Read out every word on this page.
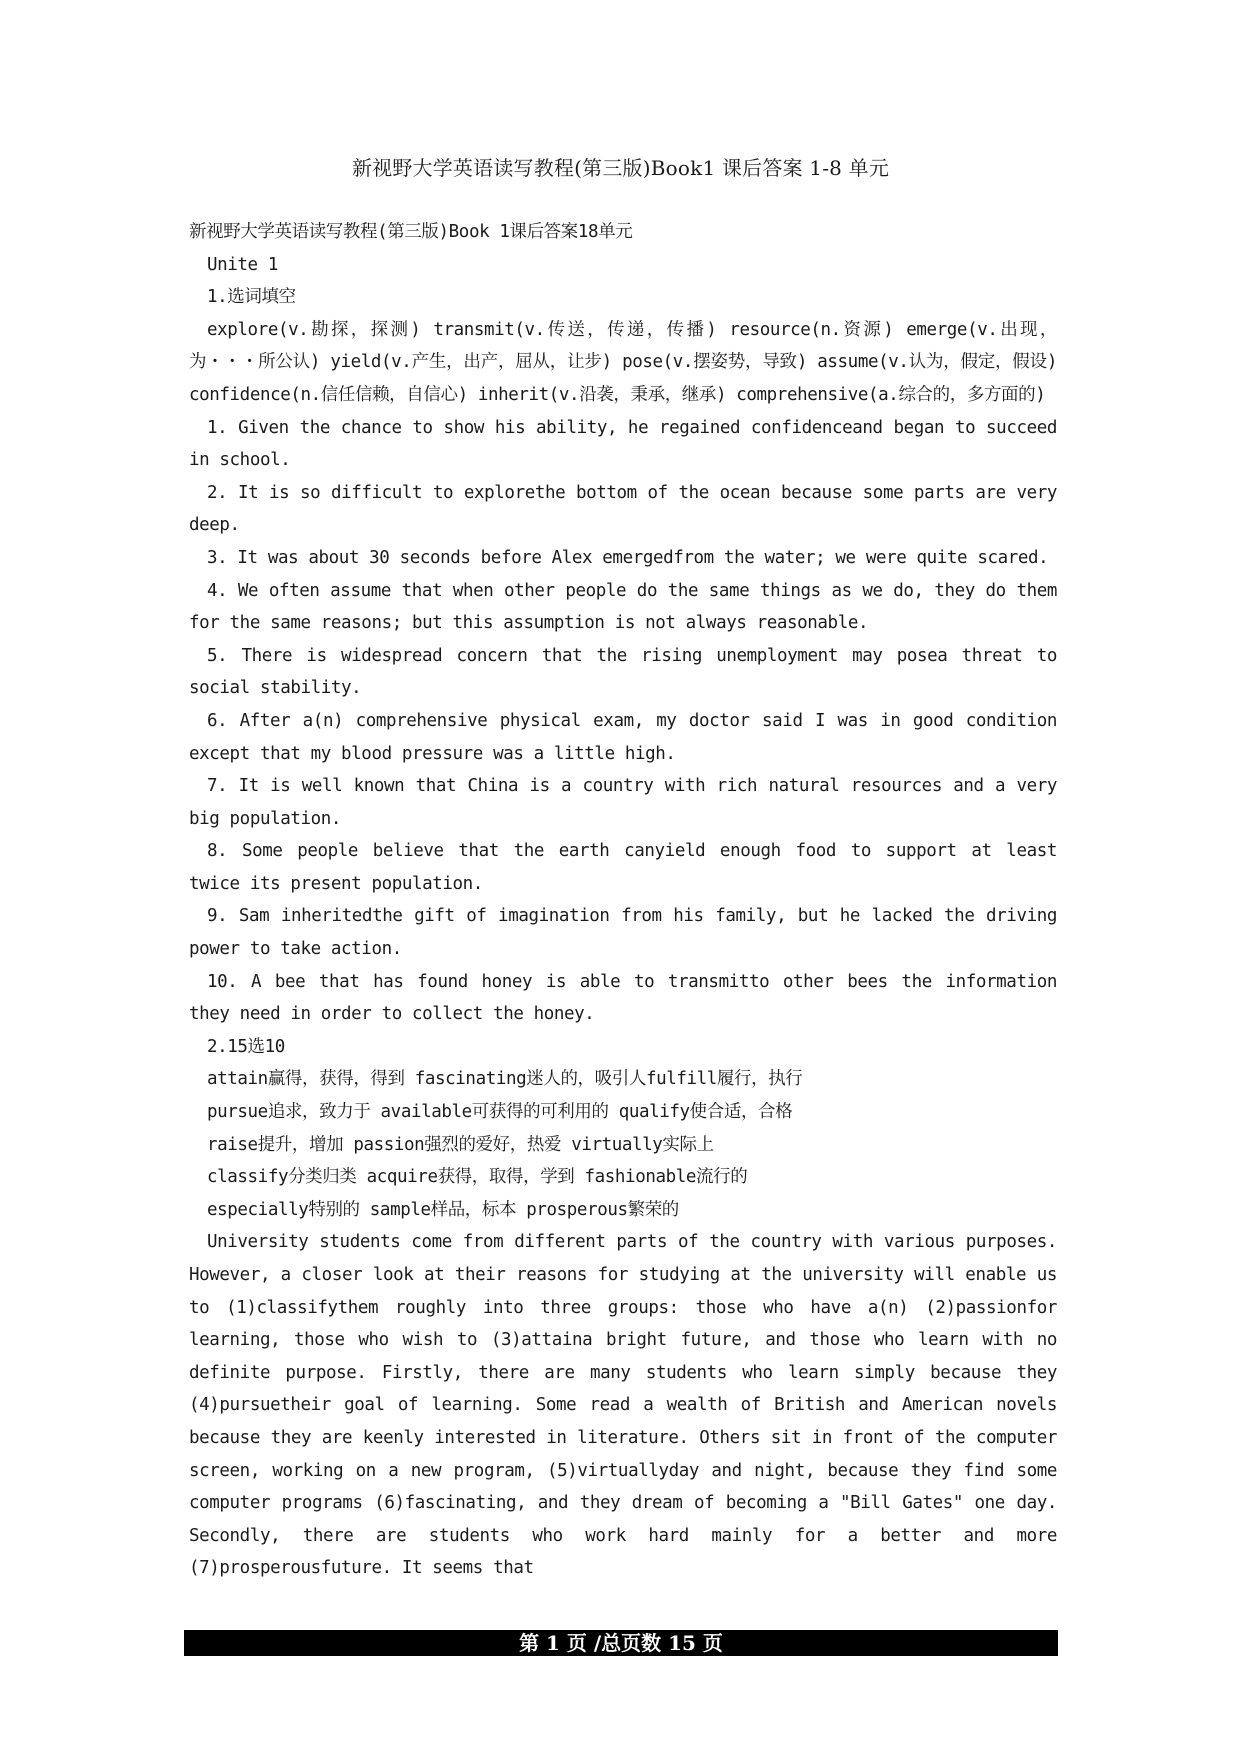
新视野大学英语读写教程(第三版)Book1 课后答案 1-8 单元

新视野大学英语读写教程(第三版)Book 1课后答案18单元

Unite 1

1.选词填空

explore(v.勘探，探测) transmit(v.传送，传递，传播) resource(n.资源) emerge(v.出现，为・・・所公认) yield(v.产生，出产，屈从，让步) pose(v.摆姿势，导致) assume(v.认为，假定，假设) confidence(n.信任信赖，自信心) inherit(v.沿袭，秉承，继承) comprehensive(a.综合的，多方面的)

1. Given the chance to show his ability, he regained confidenceand began to succeed in school.

2. It is so difficult to explorethe bottom of the ocean because some parts are very deep.

3. It was about 30 seconds before Alex emergedfrom the water; we were quite scared.

4. We often assume that when other people do the same things as we do, they do them for the same reasons; but this assumption is not always reasonable.

5. There is widespread concern that the rising unemployment may posea threat to social stability.

6. After a(n) comprehensive physical exam, my doctor said I was in good condition except that my blood pressure was a little high.

7. It is well known that China is a country with rich natural resources and a very big population.

8. Some people believe that the earth canyield enough food to support at least twice its present population.

9. Sam inheritedthe gift of imagination from his family, but he lacked the driving power to take action.

10. A bee that has found honey is able to transmitto other bees the information they need in order to collect the honey.

2.15选10

attain赢得，获得，得到 fascinating迷人的，吸引人fulfill履行，执行

pursue追求，致力于 available可获得的可利用的 qualify使合适，合格

raise提升，增加 passion强烈的爱好，热爱 virtually实际上

classify分类归类 acquire获得，取得，学到 fashionable流行的

especially特别的 sample样品，标本 prosperous繁荣的

University students come from different parts of the country with various purposes. However, a closer look at their reasons for studying at the university will enable us to (1)classifythem roughly into three groups: those who have a(n) (2)passionfor learning, those who wish to (3)attaina bright future, and those who learn with no definite purpose. Firstly, there are many students who learn simply because they (4)pursuetheir goal of learning. Some read a wealth of British and American novels because they are keenly interested in literature. Others sit in front of the computer screen, working on a new program, (5)virtuallyday and night, because they find some computer programs (6)fascinating, and they dream of becoming a "Bill Gates" one day. Secondly, there are students who work hard mainly for a better and more (7)prosperousfuture. It seems that

第 1 页 /总页数 15 页
